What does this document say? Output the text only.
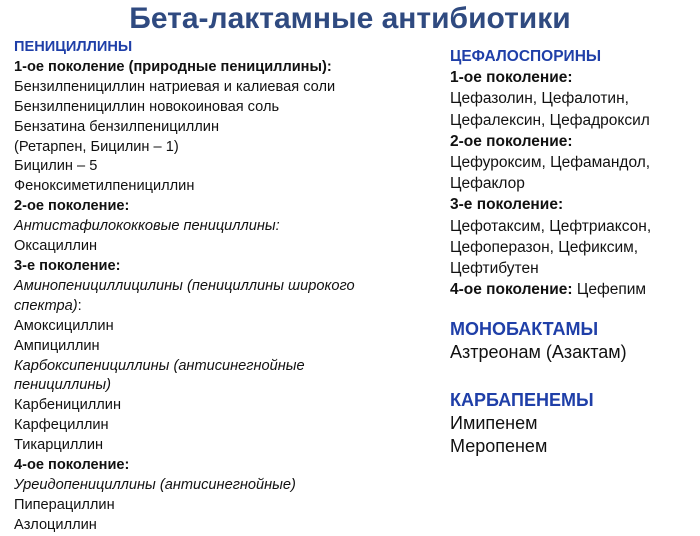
Бета-лактамные антибиотики
ПЕНИЦИЛЛИНЫ
1-ое поколение (природные пенициллины):
Бензилпенициллин натриевая и калиевая соли
Бензилпенициллин новокоиновая соль
Бензатина бензилпенициллин
(Ретарпен, Бицилин – 1)
Бицилин – 5
Феноксиметилпенициллин
2-ое поколение:
Антистафилококковые пенициллины:
Оксациллин
3-е поколение:
Аминопенициллицилины (пенициллины широкого
спектра):
Амоксициллин
Ампициллин
Карбоксипенициллины (антисинегнойные
пенициллины)
Карбенициллин
Карфециллин
Тикарциллин
4-ое поколение:
Уреидопенициллины (антисинегнойные)
Пиперациллин
Азлоциллин
ЦЕФАЛОСПОРИНЫ
1-ое поколение:
Цефазолин, Цефалотин,
Цефалексин, Цефадроксил
2-ое поколение:
Цефуроксим, Цефамандол,
Цефаклор
3-е поколение:
Цефотаксим, Цефтриаксон,
Цефоперазон, Цефиксим,
Цефтибутен
4-ое поколение: Цефепим
МОНОБАКТАМЫ
Азтреонам (Азактам)
КАРБАПЕНЕМЫ
Имипенем
Меропенем
